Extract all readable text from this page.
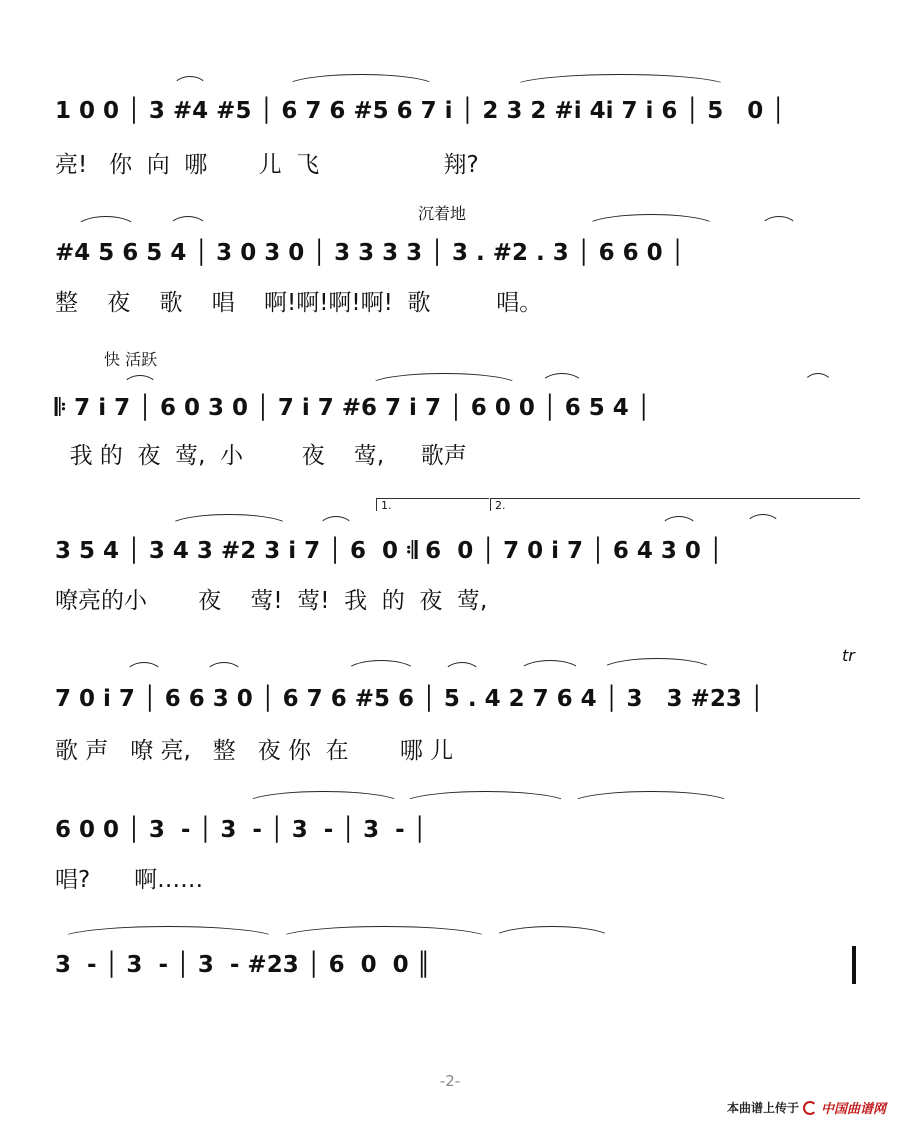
1 0 0 │ 3 #4 #5 │ 6 7 6 #5 6 7 i │ 2 3 2 #i 4i 7 i 6 │ 5   0 │
亮!   你  向  哪       儿  飞                 翔?
沉着地
#4 5 6 5 4 │ 3 0 3 0 │ 3 3 3 3 │ 3 . #2 . 3 │ 6 6 0 │
整    夜    歌    唱    啊!啊!啊!啊!  歌         唱。
快 活跃
𝄆 7 i 7 │ 6 0 3 0 │ 7 i 7 #6 7 i 7 │ 6 0 0 │ 6 5 4 │
我 的  夜  莺,  小        夜    莺,     歌声
1.	2.
3 5 4 │ 3 4 3 #2 3 i 7 │ 6  0 𝄇 6  0 │ 7 0 i 7 │ 6 4 3 0 │
嘹亮的小       夜    莺!  莺!  我  的  夜  莺,
tr
7 0 i 7 │ 6 6 3 0 │ 6 7 6 #5 6 │ 5 . 4 2 7 6 4 │ 3   3 #23 │
歌 声   嘹 亮,   整   夜 你  在       哪 儿
6 0 0 │ 3  - │ 3  - │ 3  - │ 3  - │
唱?      啊……
3  - │ 3  - │ 3  - #23 │ 6  0  0 ║
-2-
本曲谱上传于 中国曲谱网
